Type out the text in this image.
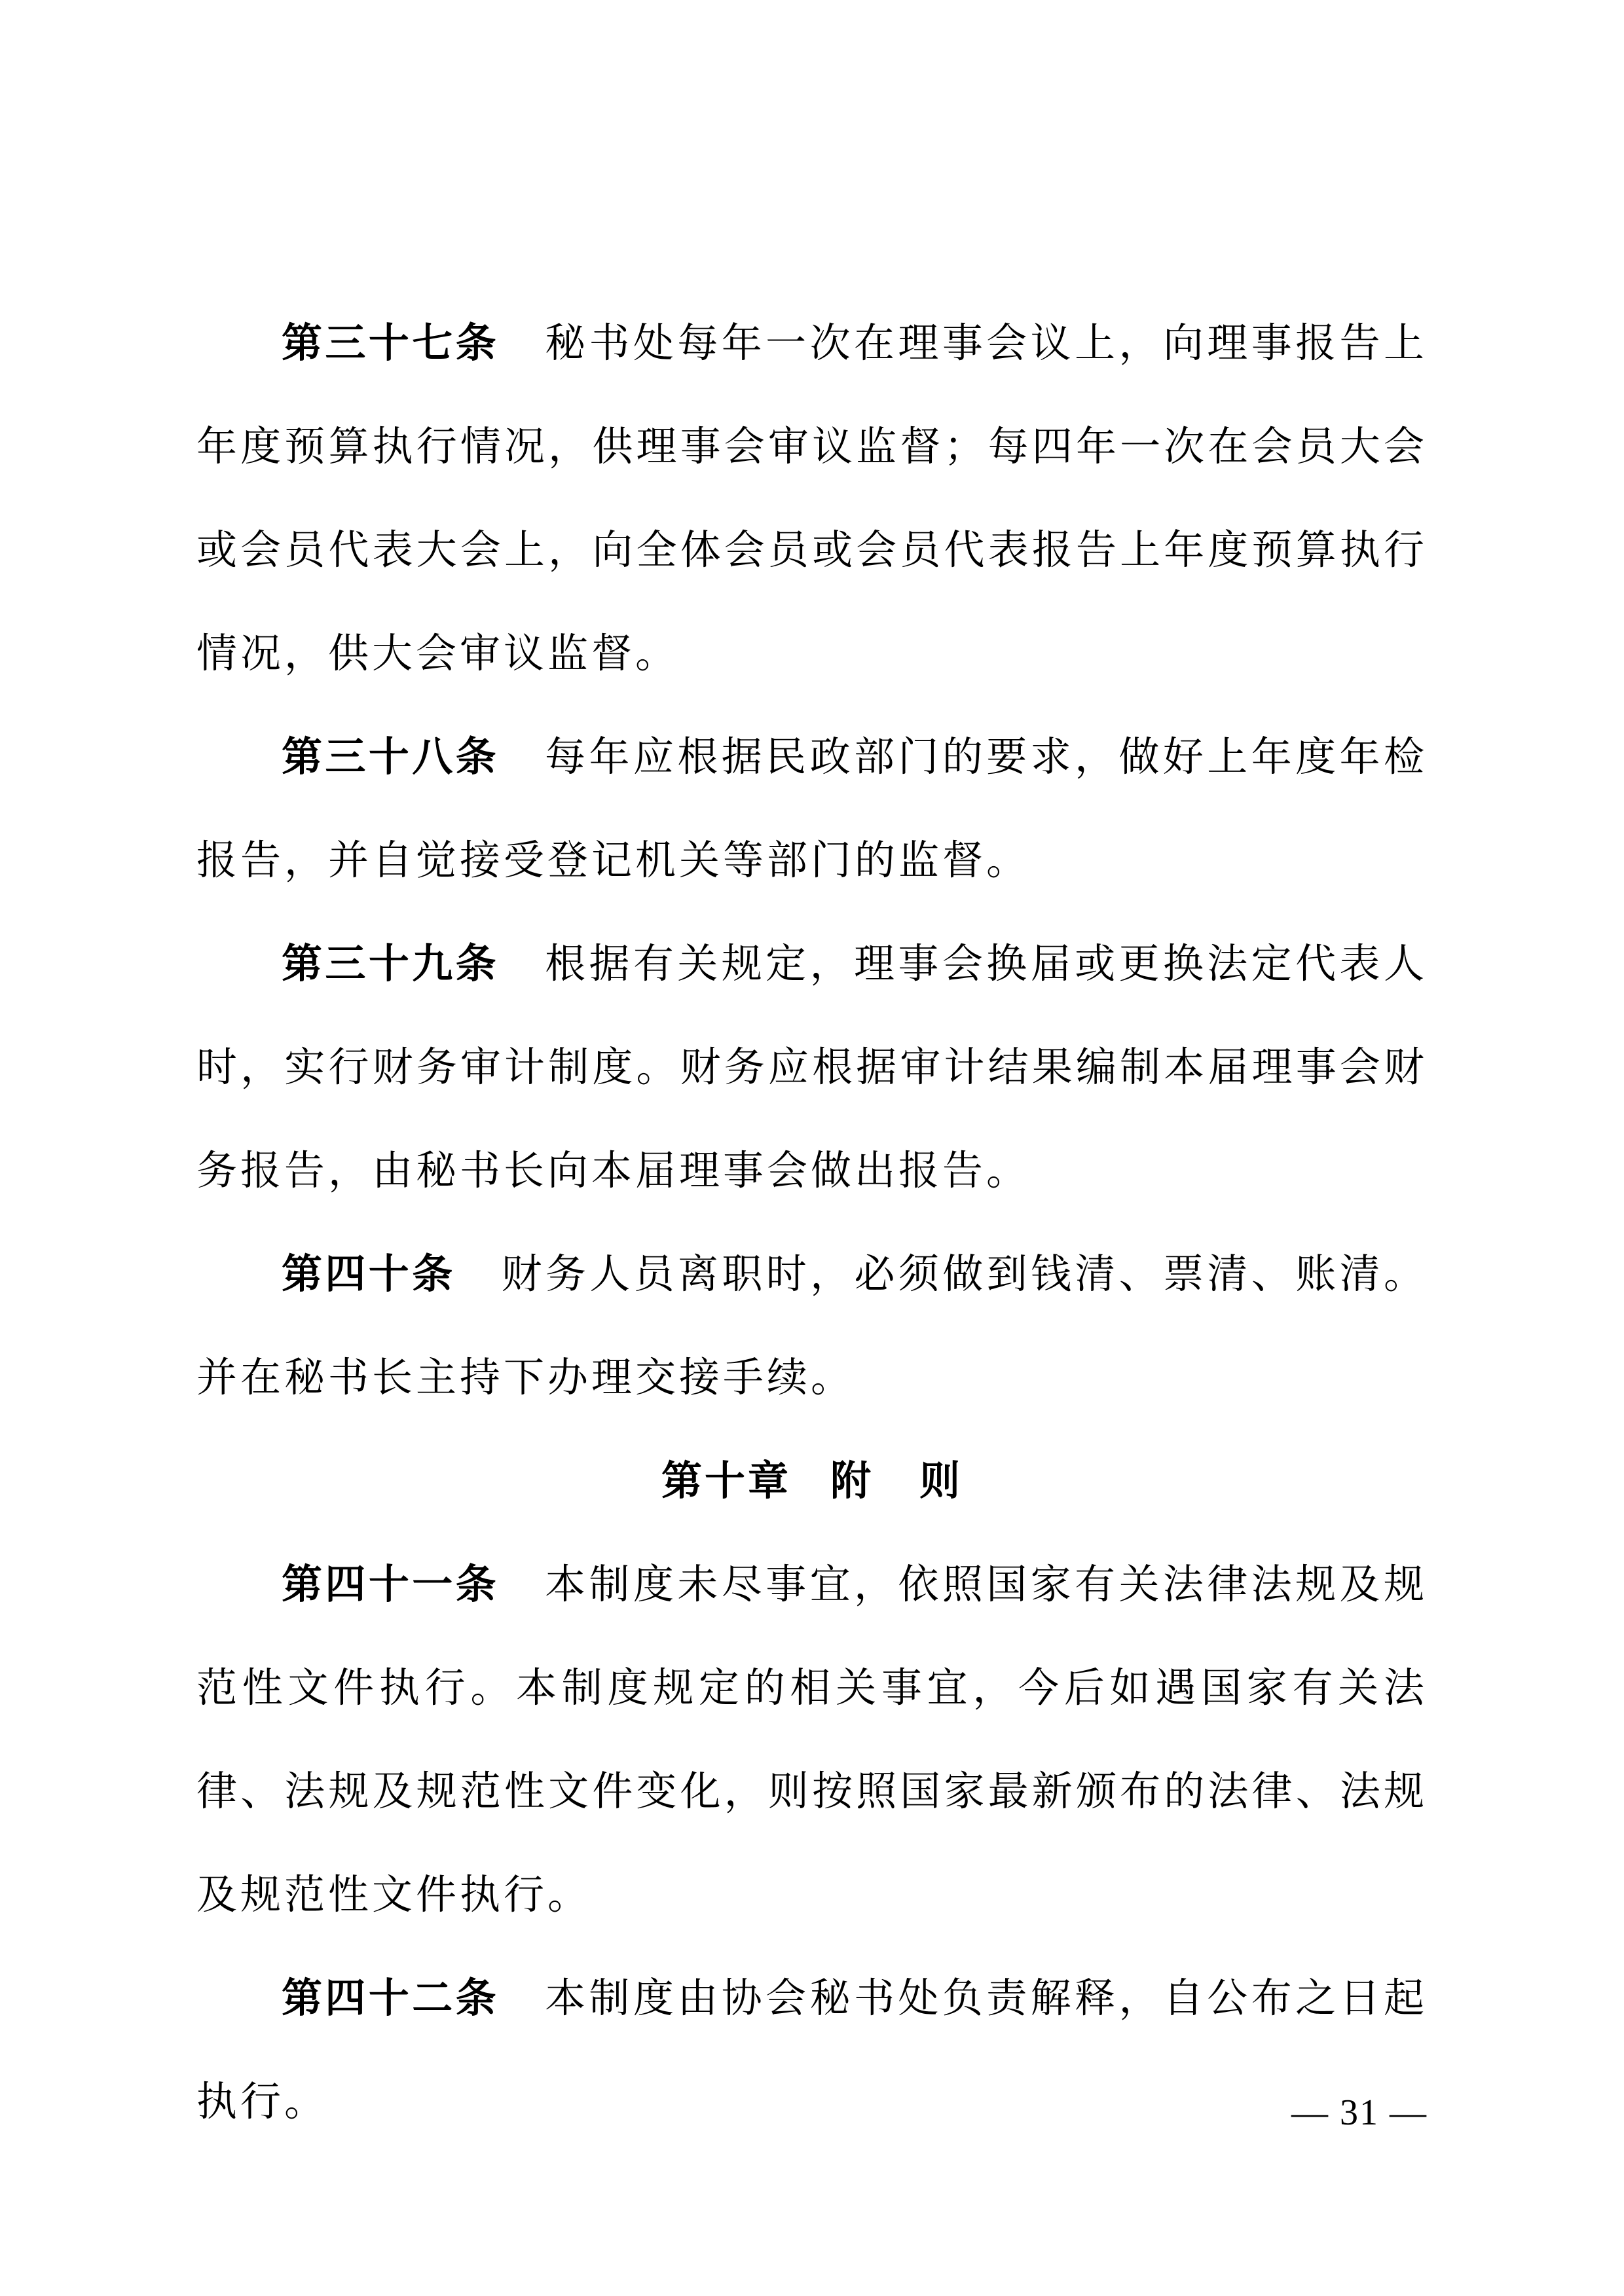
第三十七条 秘书处每年一次在理事会议上，向理事报告上年度预算执行情况，供理事会审议监督；每四年一次在会员大会或会员代表大会上，向全体会员或会员代表报告上年度预算执行情况，供大会审议监督。

第三十八条 每年应根据民政部门的要求，做好上年度年检报告，并自觉接受登记机关等部门的监督。

第三十九条 根据有关规定，理事会换届或更换法定代表人时，实行财务审计制度。财务应根据审计结果编制本届理事会财务报告，由秘书长向本届理事会做出报告。

第四十条 财务人员离职时，必须做到钱清、票清、账清。并在秘书长主持下办理交接手续。

第十章 附 则

第四十一条 本制度未尽事宜，依照国家有关法律法规及规范性文件执行。本制度规定的相关事宜，今后如遇国家有关法律、法规及规范性文件变化，则按照国家最新颁布的法律、法规及规范性文件执行。

第四十二条 本制度由协会秘书处负责解释，自公布之日起执行。	— 31 —
